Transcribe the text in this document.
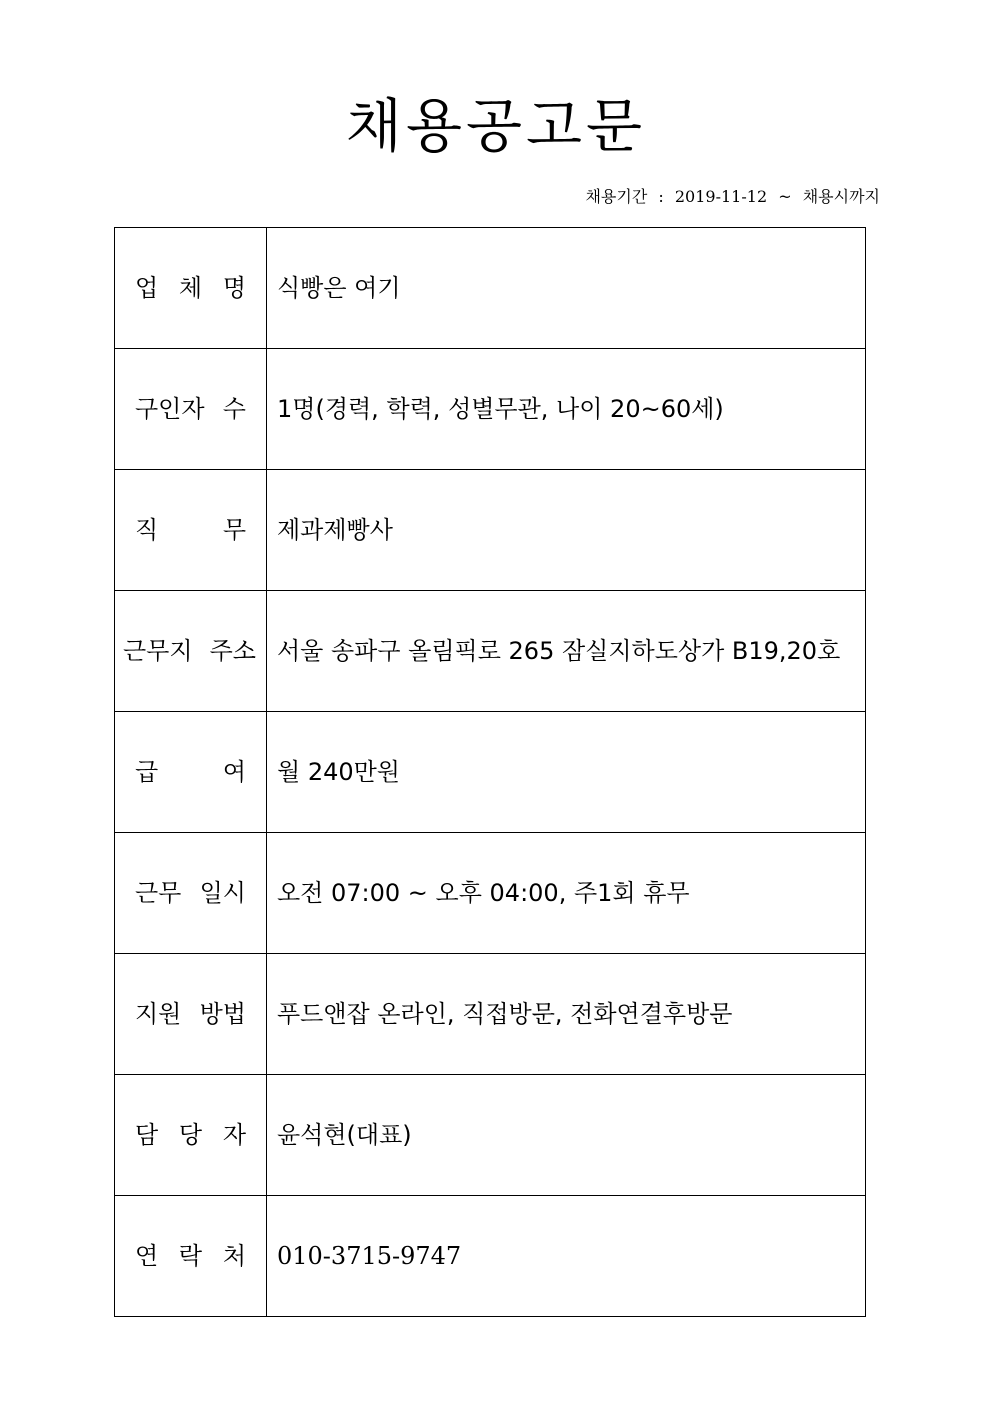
채용공고문
채용기간 : 2019-11-12 ~ 채용시까지
업 체 명	식빵은 여기

구인자 수	1명(경력, 학력, 성별무관, 나이 20~60세)

직 무	제과제빵사

근무지 주소	서울 송파구 올림픽로 265 잠실지하도상가 B19,20호

급 여	월 240만원

근무 일시	오전 07:00 ~ 오후 04:00, 주1회 휴무

지원 방법	푸드앤잡 온라인, 직접방문, 전화연결후방문

담 당 자	윤석현(대표)

연 락 처	010-3715-9747
